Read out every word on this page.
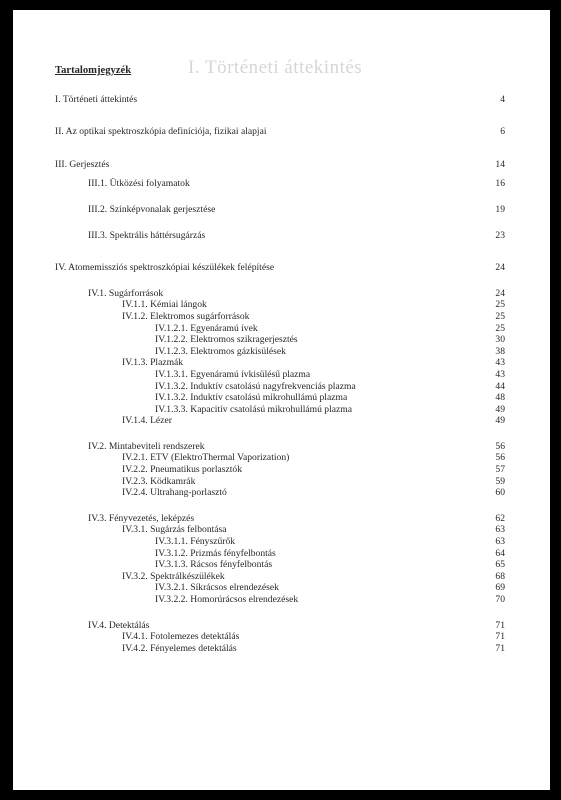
I. Történeti áttekintés
Tartalomjegyzék
I. Történeti áttekintés	4
II. Az optikai spektroszkópia definíciója, fizikai alapjai	6
III. Gerjesztés	14
III.1. Ütközési folyamatok	16
III.2. Színképvonalak gerjesztése	19
III.3. Spektrális háttérsugárzás	23
IV. Atomemissziós spektroszkópiai készülékek felépítése	24
IV.1. Sugárforrások	24
IV.1.1. Kémiai lángok	25
IV.1.2. Elektromos sugárforrások	25
IV.1.2.1. Egyenáramú ívek	25
IV.1.2.2. Elektromos szikragerjesztés	30
IV.1.2.3. Elektromos gázkisülések	38
IV.1.3. Plazmák	43
IV.1.3.1. Egyenáramú ívkisülésű plazma	43
IV.1.3.2. Induktív csatolású nagyfrekvenciás plazma	44
IV.1.3.2. Induktív csatolású mikrohullámú plazma	48
IV.1.3.3. Kapacitív csatolású mikrohullámú plazma	49
IV.1.4. Lézer	49
IV.2. Mintabeviteli rendszerek	56
IV.2.1. ETV (ElektroThermal Vaporization)	56
IV.2.2. Pneumatikus porlasztók	57
IV.2.3. Ködkamrák	59
IV.2.4. Ultrahang-porlasztó	60
IV.3. Fényvezetés, leképzés	62
IV.3.1. Sugárzás felbontása	63
IV.3.1.1. Fényszűrők	63
IV.3.1.2. Prizmás fényfelbontás	64
IV.3.1.3. Rácsos fényfelbontás	65
IV.3.2. Spektrálkészülékek	68
IV.3.2.1. Síkrácsos elrendezések	69
IV.3.2.2. Homorúrácsos elrendezések	70
IV.4. Detektálás	71
IV.4.1. Fotolemezes detektálás	71
IV.4.2. Fényelemes detektálás	71
